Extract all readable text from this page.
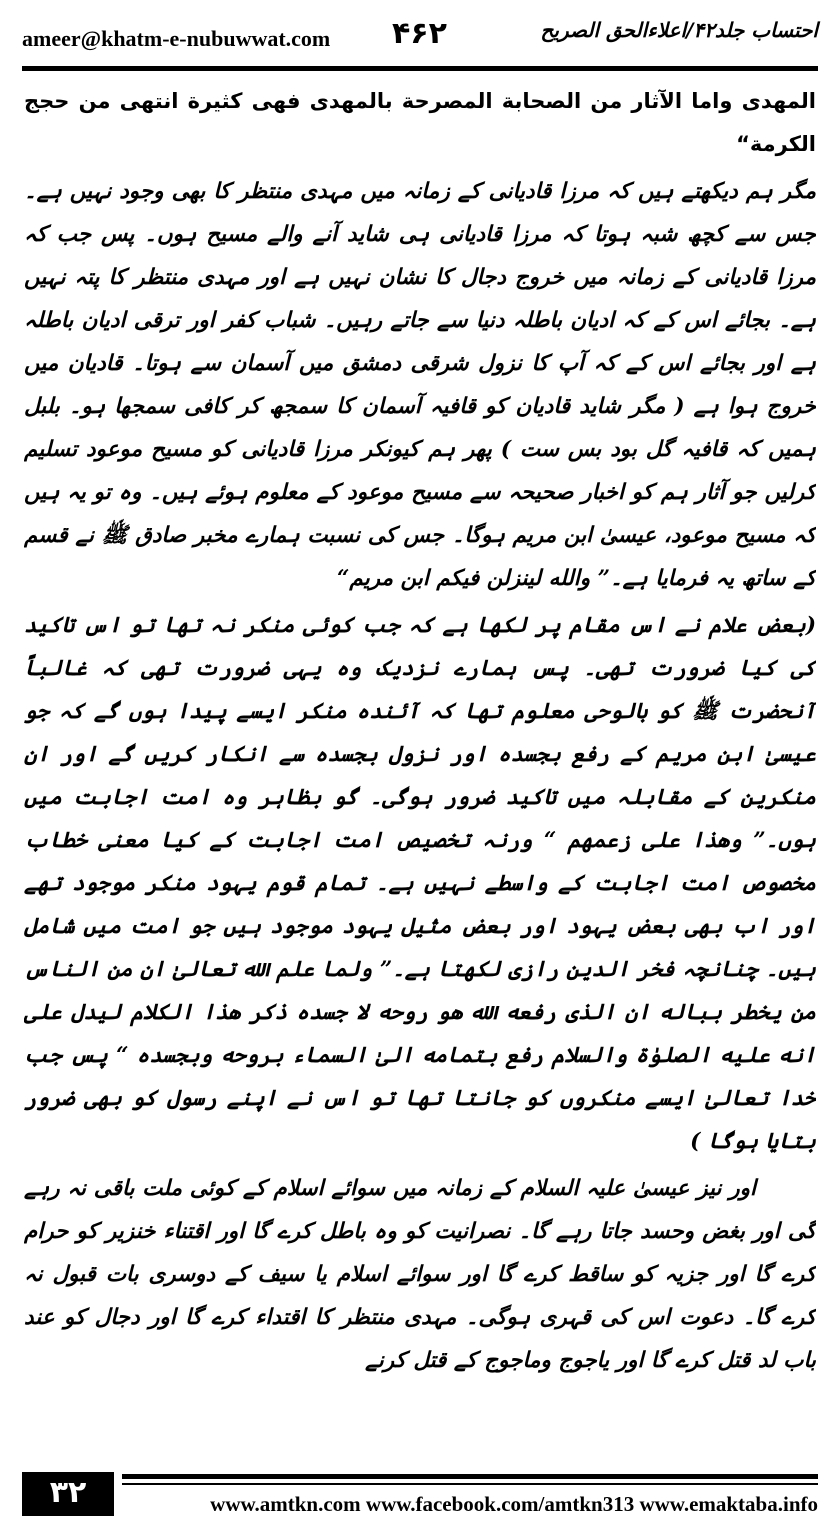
ameer@khatm-e-nubuwwat.com ۴۶۲	احتساب جلد۴۲/اعلاءالحق الصریح

المهدی واما الآثار من الصحابة المصرحة بالمهدی فهی کثیرة انتهی من حجج الکرمة“

مگر ہم دیکھتے ہیں کہ مرزا قادیانی کے زمانہ میں مہدی منتظر کا بھی وجود نہیں ہے۔ جس سے کچھ شبہ ہوتا کہ مرزا قادیانی ہی شاید آنے والے مسیح ہوں۔ پس جب کہ مرزا قادیانی کے زمانہ میں خروج دجال کا نشان نہیں ہے اور مہدی منتظر کا پتہ نہیں ہے۔ بجائے اس کے کہ ادیان باطلہ دنیا سے جاتے رہیں۔ شباب کفر اور ترقی ادیان باطلہ ہے اور بجائے اس کے کہ آپ کا نزول شرقی دمشق میں آسمان سے ہوتا۔ قادیان میں خروج ہوا ہے ( مگر شاید قادیان کو قافیہ آسمان کا سمجھ کر کافی سمجھا ہو۔ بلبل ہمیں کہ قافیہ گل بود بس ست ) پھر ہم کیونکر مرزا قادیانی کو مسیح موعود تسلیم کرلیں جو آثار ہم کو اخبار صحیحہ سے مسیح موعود کے معلوم ہوئے ہیں۔ وہ تو یہ ہیں کہ مسیح موعود، عیسیٰ ابن مریم ہوگا۔ جس کی نسبت ہمارے مخبر صادق ﷺ نے قسم کے ساتھ یہ فرمایا ہے۔” والله لینزلن فیکم ابن مریم“

(بعض علام نے اس مقام پر لکھا ہے کہ جب کوئی منکر نہ تھا تو اس تاکید کی کیا ضرورت تھی۔ پس ہمارے نزدیک وہ یہی ضرورت تھی کہ غالباً آنحضرت ﷺ کو بالوحی معلوم تھا کہ آئندہ منکر ایسے پیدا ہوں گے کہ جو عیسیٰ ابن مریم کے رفع بجسدہ اور نزول بجسدہ سے انکار کریں گے اور ان منکرین کے مقابلہ میں تاکید ضرور ہوگی۔ گو بظاہر وہ امت اجابت میں ہوں۔” وهذا علی زعمهم “ ورنہ تخصیص امت اجابت کے کیا معنی خطاب مخصوص امت اجابت کے واسطے نہیں ہے۔ تمام قوم یہود منکر موجود تھے اور اب بھی بعض یہود اور بعض مثیل یہود موجود ہیں جو امت میں شامل ہیں۔ چنانچہ فخر الدین رازی لکھتا ہے۔” ولما علم الله تعالیٰ ان من الناس من یخطر بباله ان الذی رفعه الله هو روحه لا جسده ذکر هذا الکلام لیدل علی انه علیه الصلوٰة والسلام رفع بتمامه الیٰ السماء بروحه وبجسده “ پس جب خدا تعالیٰ ایسے منکروں کو جانتا تھا تو اس نے اپنے رسول کو بھی ضرور بتایا ہوگا )

اور نیز عیسیٰ علیہ السلام کے زمانہ میں سوائے اسلام کے کوئی ملت باقی نہ رہے گی اور بغض وحسد جاتا رہے گا۔ نصرانیت کو وہ باطل کرے گا اور اقتناء خنزیر کو حرام کرے گا اور جزیہ کو ساقط کرے گا اور سوائے اسلام یا سیف کے دوسری بات قبول نہ کرے گا۔ دعوت اس کی قہری ہوگی۔ مہدی منتظر کا اقتداء کرے گا اور دجال کو عند باب لد قتل کرے گا اور یاجوج وماجوج کے قتل کرنے

۳۲	www.amtkn.com www.facebook.com/amtkn313 www.emaktaba.info
